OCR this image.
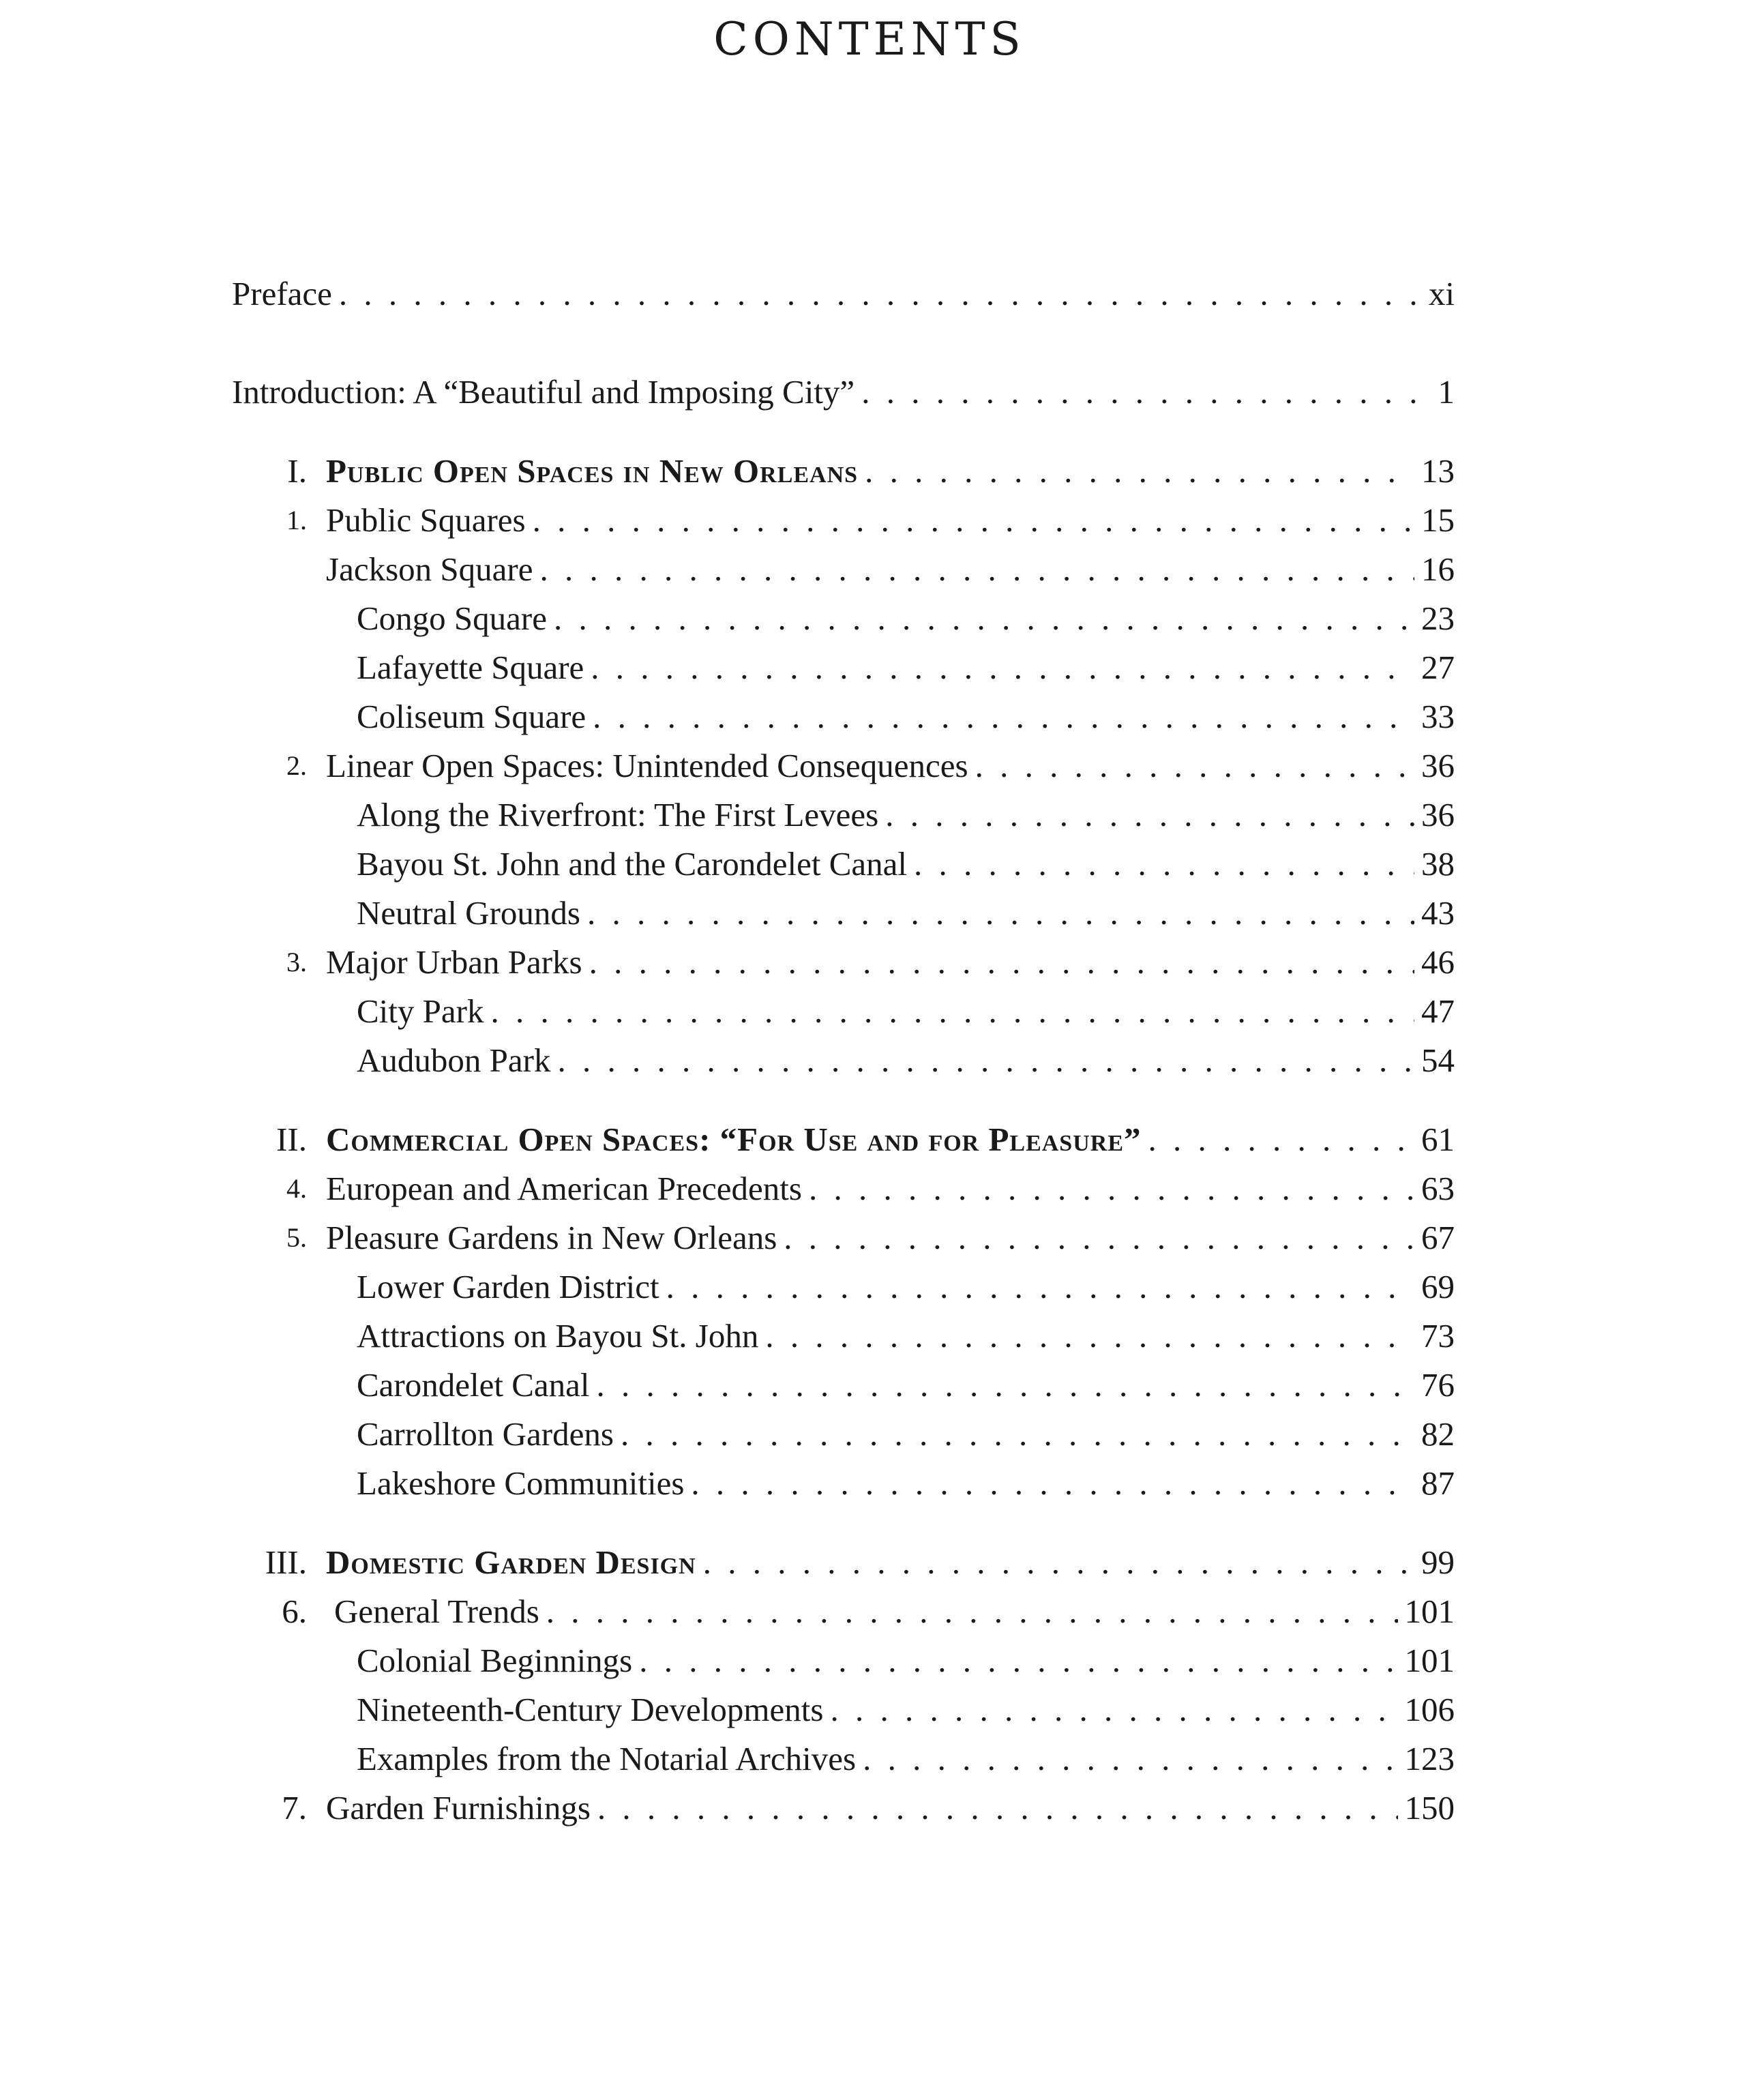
CONTENTS
Preface . . .	xi
Introduction: A “Beautiful and Imposing City” . . .	1
I. Public Open Spaces in New Orleans . . .	13
1. Public Squares . . .	15
Jackson Square . . .	16
Congo Square . . .	23
Lafayette Square . . .	27
Coliseum Square . . .	33
2. Linear Open Spaces: Unintended Consequences . . .	36
Along the Riverfront: The First Levees . . .	36
Bayou St. John and the Carondelet Canal . . .	38
Neutral Grounds . . .	43
3. Major Urban Parks . . .	46
City Park . . .	47
Audubon Park . . .	54
II. Commercial Open Spaces: “For Use and for Pleasure” . . .	61
4. European and American Precedents . . .	63
5. Pleasure Gardens in New Orleans . . .	67
Lower Garden District . . .	69
Attractions on Bayou St. John . . .	73
Carondelet Canal . . .	76
Carrollton Gardens . . .	82
Lakeshore Communities . . .	87
III. Domestic Garden Design . . .	99
6. General Trends . . .	101
Colonial Beginnings . . .	101
Nineteenth-Century Developments . . .	106
Examples from the Notarial Archives . . .	123
7. Garden Furnishings . . .	150
